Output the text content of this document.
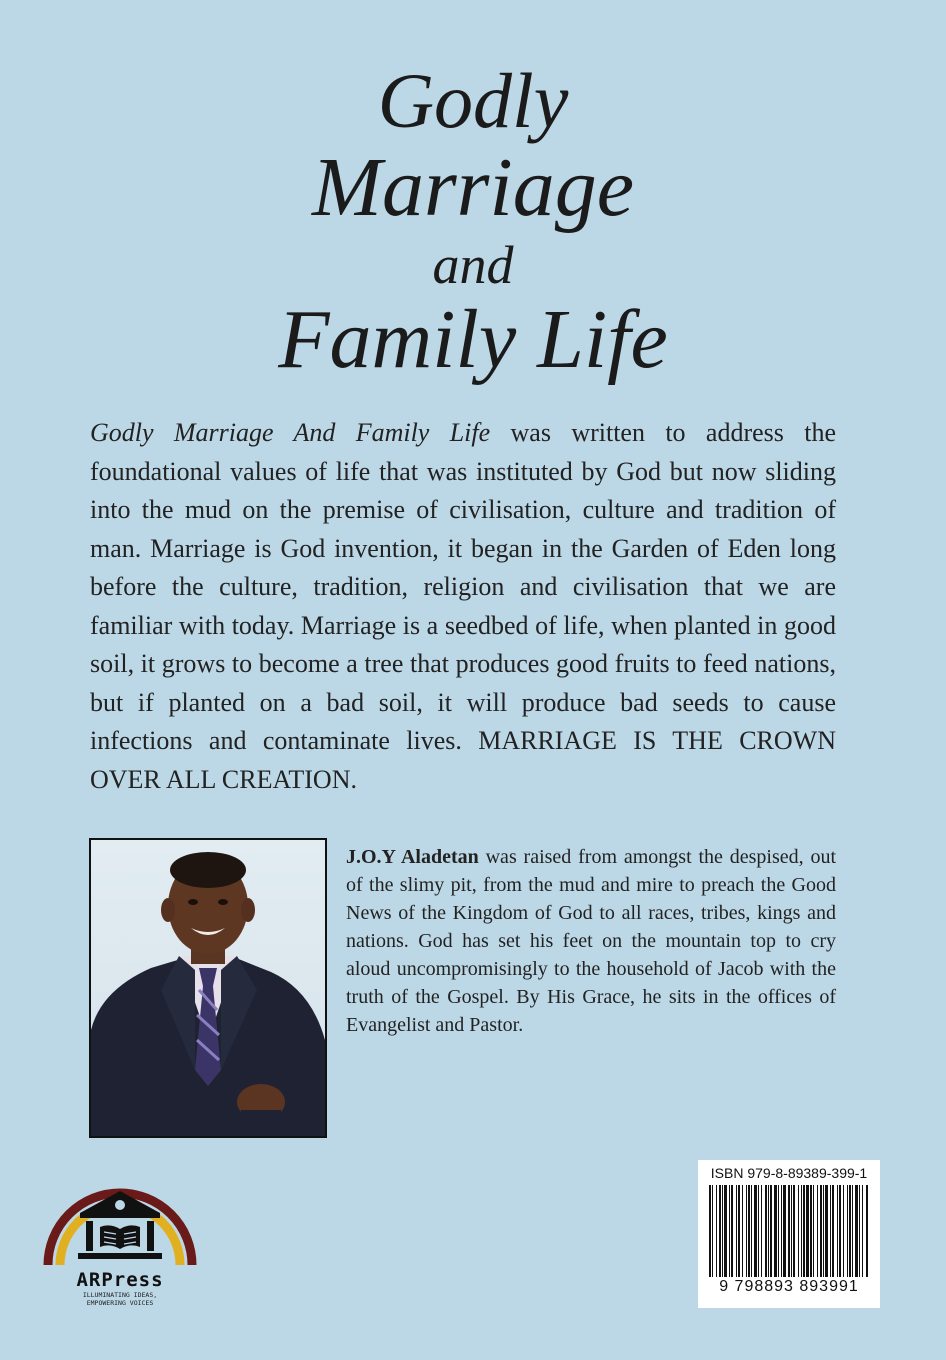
Godly
Marriage
and
Family Life

Godly Marriage And Family Life was written to address the foundational values of life that was instituted by God but now sliding into the mud on the premise of civilisation, culture and tradition of man. Marriage is God invention, it began in the Garden of Eden long before the culture, tradition, religion and civilisation that we are familiar with today. Marriage is a seedbed of life, when planted in good soil, it grows to become a tree that produces good fruits to feed nations, but if planted on a bad soil, it will produce bad seeds to cause infections and contaminate lives. MARRIAGE IS THE CROWN OVER ALL CREATION.

J.O.Y Aladetan was raised from amongst the despised, out of the slimy pit, from the mud and mire to preach the Good News of the Kingdom of God to all races, tribes, kings and nations. God has set his feet on the mountain top to cry aloud uncompromisingly to the household of Jacob with the truth of the Gospel. By His Grace, he sits in the offices of Evangelist and Pastor.

ARPress
ILLUMINATING IDEAS,
EMPOWERING VOICES
ISBN 979-8-89389-399-1
9 798893 893991
